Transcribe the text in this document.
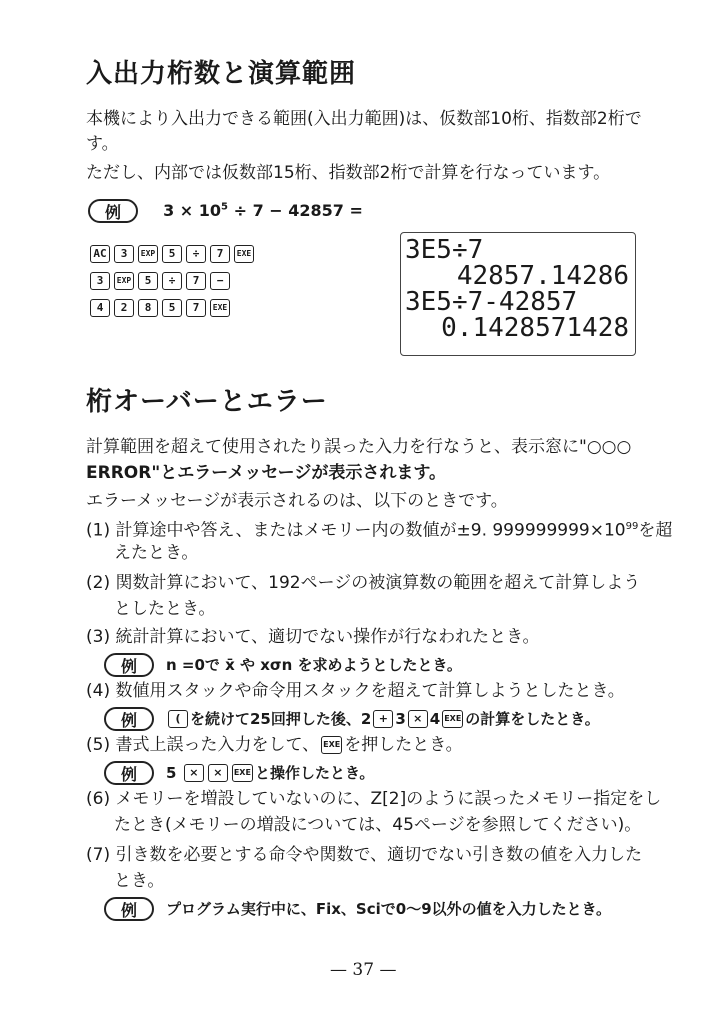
入出力桁数と演算範囲
本機により入出力できる範囲(入出力範囲)は、仮数部10桁、指数部2桁で
す。
ただし、内部では仮数部15桁、指数部2桁で計算を行なっています。
例	$3 \times 10^5 \div 7 - 42857$ =
AC 3 EXP 5 ÷ 7 EXE
3 EXP 5 ÷ 7 −
4 2 8 5 7 EXE
3E5÷7
42857.14286
3E5÷7-42857
0.1428571428
桁オーバーとエラー
計算範囲を超えて使用されたり誤った入力を行なうと、表示窓に"○○○
ERROR"とエラーメッセージが表示されます。
エラーメッセージが表示されるのは、以下のときです。
(1) 計算途中や答え、またはメモリー内の数値が±9. $999999999\times 10^{99}$を超
えたとき。
(2) 関数計算において、192ページの被演算数の範囲を超えて計算しよう
としたとき。
(3) 統計計算において、適切でない操作が行なわれたとき。
例 n =0で x̄ や xσn を求めようとしたとき。
(4) 数値用スタックや命令用スタックを超えて計算しようとしたとき。
例	( を続けて25回押した後、2 + 3 × 4 EXE の計算をしたとき。
(5) 書式上誤った入力をして、 EXE を押したとき。
例 5 × × EXE と操作したとき。
(6) メモリーを増設していないのに、Z[2]のように誤ったメモリー指定をし
たとき(メモリーの増設については、45ページを参照してください)。
(7) 引き数を必要とする命令や関数で、適切でない引き数の値を入力した
とき。
例 プログラム実行中に、Fix、Sciで0〜9以外の値を入力したとき。
— 37 —
